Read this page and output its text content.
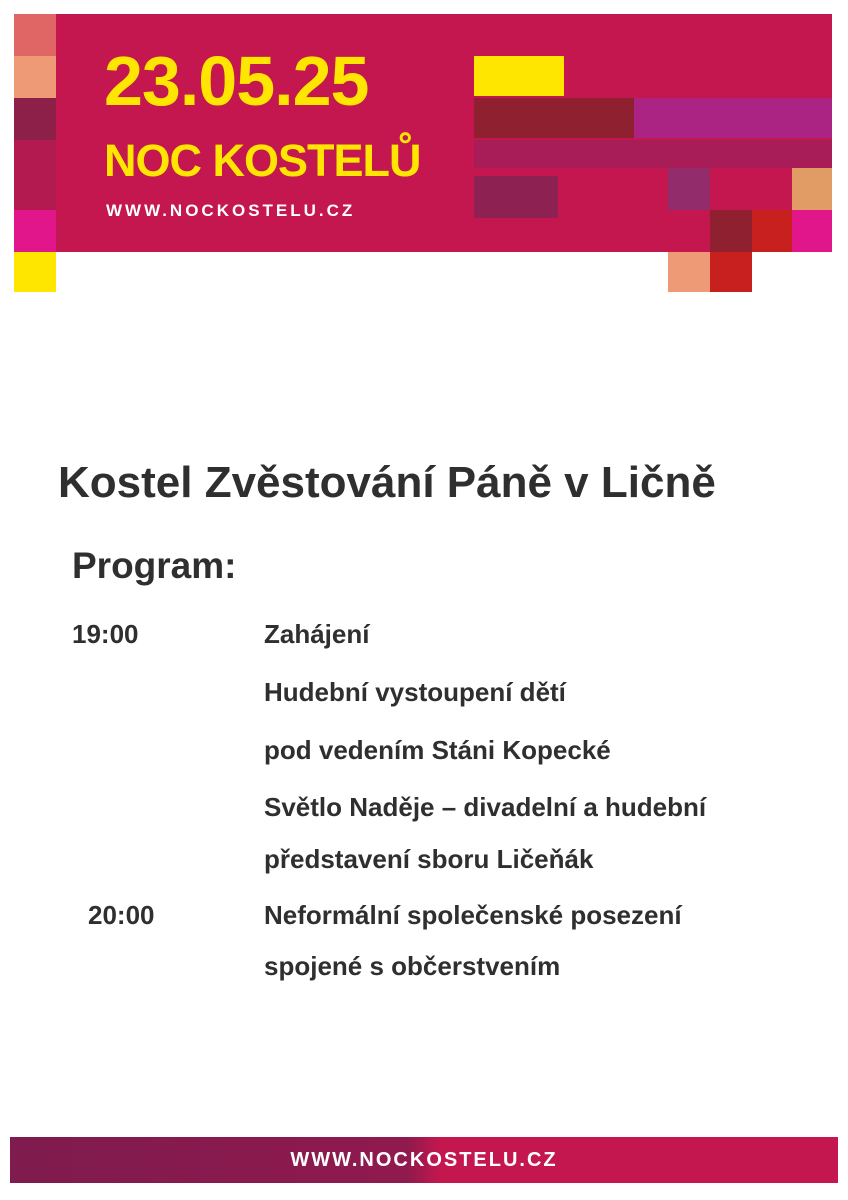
23.05.25
NOC KOSTELŮ
WWW.NOCKOSTELU.CZ
Kostel Zvěstování Páně v Ličně
Program:
19:00	Zahájení
Hudební vystoupení dětí
pod vedením Stáni Kopecké
Světlo Naděje – divadelní a hudební
představení sboru Ličeňák
20:00	Neformální společenské posezení
spojené s občerstvením
WWW.NOCKOSTELU.CZ
